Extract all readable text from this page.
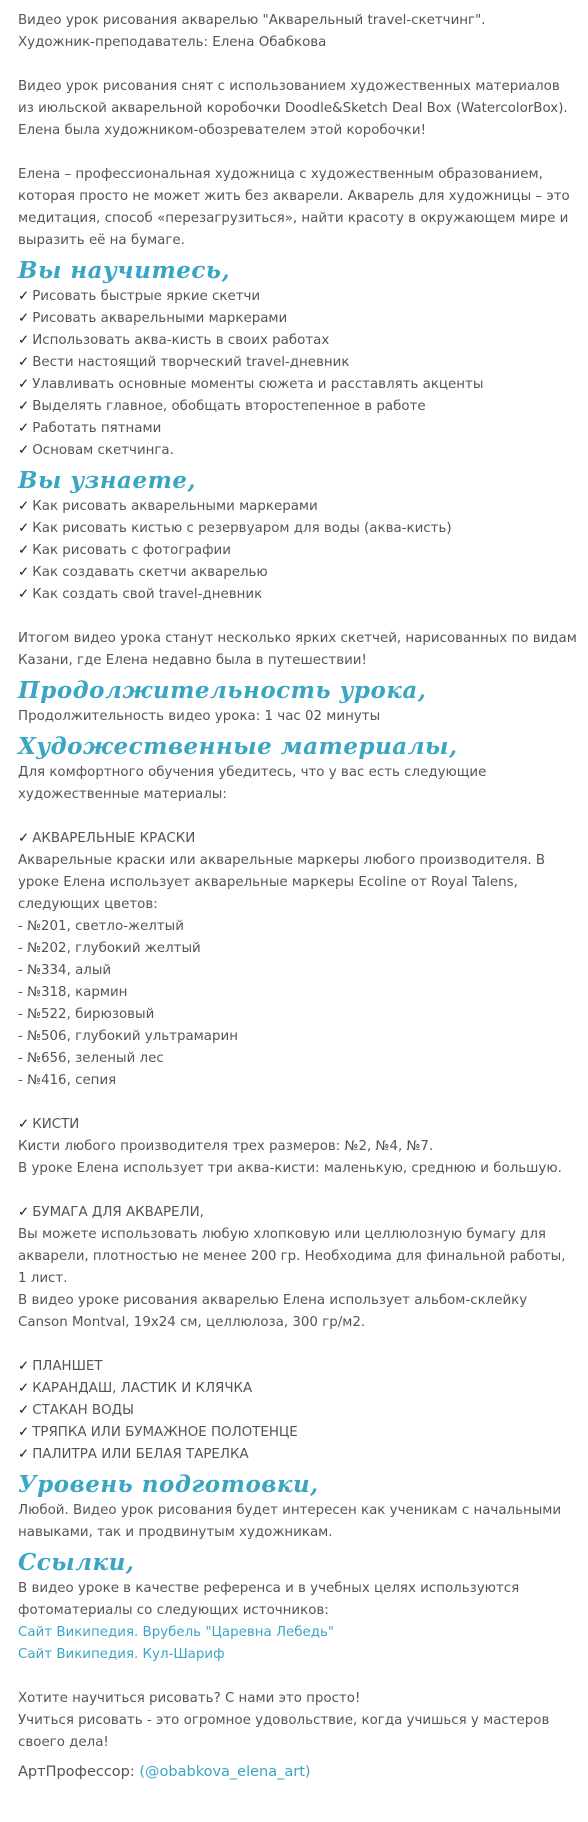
Видео урок рисования акварелью "Акварельный travel-скетчинг".

Художник-преподаватель: Елена Обабкова

Видео урок рисования снят с использованием художественных материалов из июльской акварельной коробочки Doodle&Sketch Deal Box (WatercolorBox). Елена была художником-обозревателем этой коробочки!

Елена – профессиональная художница с художественным образованием, которая просто не может жить без акварели. Акварель для художницы – это медитация, способ «перезагрузиться», найти красоту в окружающем мире и выразить её на бумаге.

Вы научитесь,

✓ Рисовать быстрые яркие скетчи

✓ Рисовать акварельными маркерами

✓ Использовать аква-кисть в своих работах

✓ Вести настоящий творческий travel-дневник

✓ Улавливать основные моменты сюжета и расставлять акценты

✓ Выделять главное, обобщать второстепенное в работе

✓ Работать пятнами

✓ Основам скетчинга.

Вы узнаете,

✓ Как рисовать акварельными маркерами

✓ Как рисовать кистью с резервуаром для воды (аква-кисть)

✓ Как рисовать с фотографии

✓ Как создавать скетчи акварелью

✓ Как создать свой travel-дневник

Итогом видео урока станут несколько ярких скетчей, нарисованных по видам Казани, где Елена недавно была в путешествии!

Продолжительность урока,

Продолжительность видео урока: 1 час 02 минуты

Художественные материалы,

Для комфортного обучения убедитесь, что у вас есть следующие художественные материалы:

✓ АКВАРЕЛЬНЫЕ КРАСКИ

Акварельные краски или акварельные маркеры любого производителя. В уроке Елена использует акварельные маркеры Ecoline от Royal Talens, следующих цветов:

- №201, светло-желтый

- №202, глубокий желтый

- №334, алый

- №318, кармин

- №522, бирюзовый

- №506, глубокий ультрамарин

- №656, зеленый лес

- №416, сепия

✓ КИСТИ

Кисти любого производителя трех размеров: №2, №4, №7.

В уроке Елена использует три аква-кисти: маленькую, среднюю и большую.

✓ БУМАГА ДЛЯ АКВАРЕЛИ,

Вы можете использовать любую хлопковую или целлюлозную бумагу для акварели, плотностью не менее 200 гр. Необходима для финальной работы, 1 лист.

В видео уроке рисования акварелью Елена использует альбом-склейку Canson Montval, 19x24 см, целлюлоза, 300 гр/м2.

✓ ПЛАНШЕТ

✓ КАРАНДАШ, ЛАСТИК И КЛЯЧКА

✓ СТАКАН ВОДЫ

✓ ТРЯПКА ИЛИ БУМАЖНОЕ ПОЛОТЕНЦЕ

✓ ПАЛИТРА ИЛИ БЕЛАЯ ТАРЕЛКА

Уровень подготовки,

Любой. Видео урок рисования будет интересен как ученикам с начальными навыками, так и продвинутым художникам.

Ссылки,

В видео уроке в качестве референса и в учебных целях используются фотоматериалы со следующих источников:

Сайт Википедия. Врубель "Царевна Лебедь"
Сайт Википедия. Кул-Шариф

Хотите научиться рисовать? С нами это просто!

Учиться рисовать - это огромное удовольствие, когда учишься у мастеров своего дела!

АртПрофессор: (@obabkova_elena_art)
